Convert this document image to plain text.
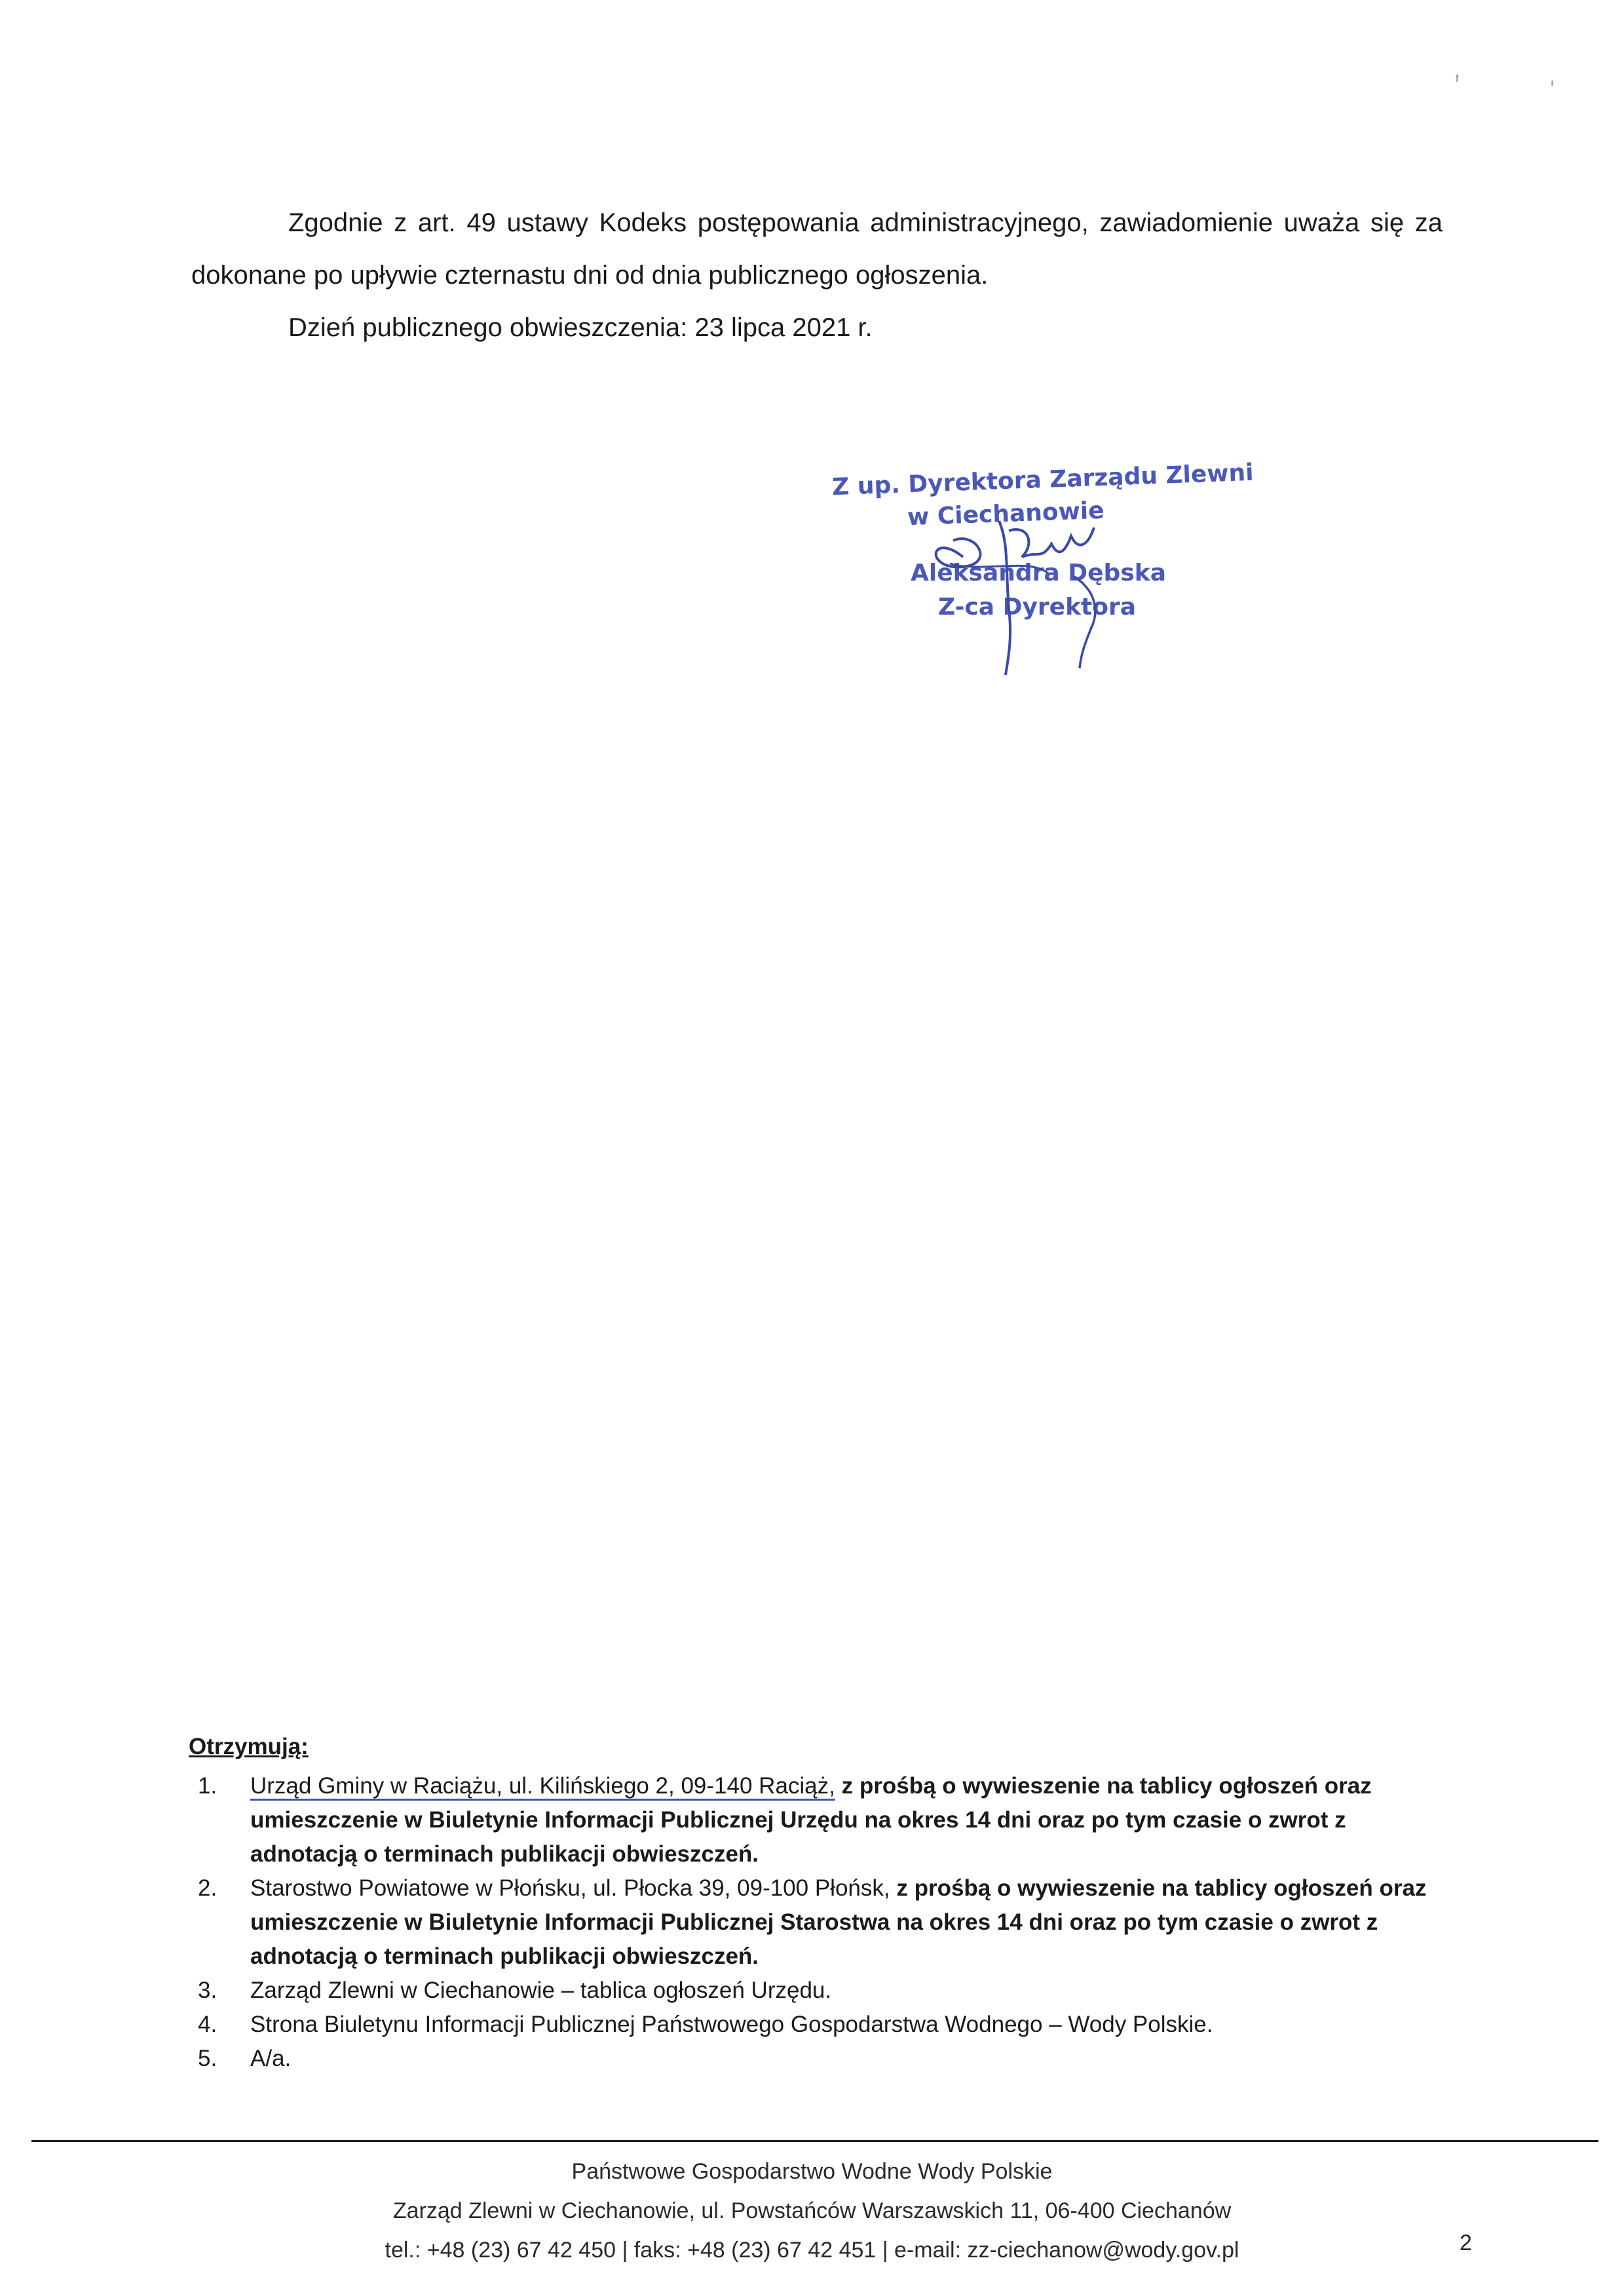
f	ı

Zgodnie z art. 49 ustawy Kodeks postępowania administracyjnego, zawiadomienie uważa się za dokonane po upływie czternastu dni od dnia publicznego ogłoszenia.

Dzień publicznego obwieszczenia: 23 lipca 2021 r.

Z up. Dyrektora Zarządu Zlewni
w Ciechanowie
Aleksandra Dębska
Z-ca Dyrektora
Otrzymują:
1. Urząd Gminy w Raciążu, ul. Kilińskiego 2, 09-140 Raciąż, z prośbą o wywieszenie na tablicy ogłoszeń oraz umieszczenie w Biuletynie Informacji Publicznej Urzędu na okres 14 dni oraz po tym czasie o zwrot z adnotacją o terminach publikacji obwieszczeń.
2. Starostwo Powiatowe w Płońsku, ul. Płocka 39, 09-100 Płońsk, z prośbą o wywieszenie na tablicy ogłoszeń oraz umieszczenie w Biuletynie Informacji Publicznej Starostwa na okres 14 dni oraz po tym czasie o zwrot z adnotacją o terminach publikacji obwieszczeń.
3. Zarząd Zlewni w Ciechanowie – tablica ogłoszeń Urzędu.
4. Strona Biuletynu Informacji Publicznej Państwowego Gospodarstwa Wodnego – Wody Polskie.
5. A/a.

Państwowe Gospodarstwo Wodne Wody Polskie

Zarząd Zlewni w Ciechanowie, ul. Powstańców Warszawskich 11, 06-400 Ciechanów

tel.: +48 (23) 67 42 450 | faks: +48 (23) 67 42 451 | e-mail: zz-ciechanow@wody.gov.pl	2
